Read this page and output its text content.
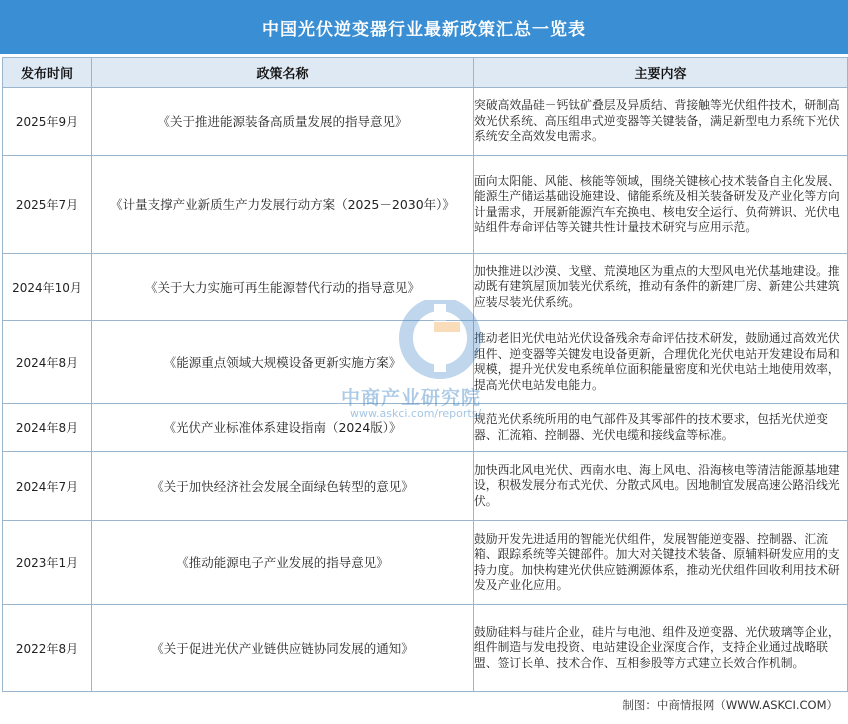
中国光伏逆变器行业最新政策汇总一览表
发布时间	政策名称	主要内容
2025年9月	《关于推进能源装备高质量发展的指导意见》	突破高效晶硅－钙钛矿叠层及异质结、背接触等光伏组件技术，研制高效光伏系统、高压组串式逆变器等关键装备，满足新型电力系统下光伏系统安全高效发电需求。
2025年7月	《计量支撑产业新质生产力发展行动方案（2025－2030年）》	面向太阳能、风能、核能等领域，围绕关键核心技术装备自主化发展、能源生产储运基础设施建设、储能系统及相关装备研发及产业化等方向计量需求，开展新能源汽车充换电、核电安全运行、负荷辨识、光伏电站组件寿命评估等关键共性计量技术研究与应用示范。
2024年10月	《关于大力实施可再生能源替代行动的指导意见》	加快推进以沙漠、戈壁、荒漠地区为重点的大型风电光伏基地建设。推动既有建筑屋顶加装光伏系统，推动有条件的新建厂房、新建公共建筑应装尽装光伏系统。
2024年8月	《能源重点领域大规模设备更新实施方案》	推动老旧光伏电站光伏设备残余寿命评估技术研发，鼓励通过高效光伏组件、逆变器等关键发电设备更新，合理优化光伏电站开发建设布局和规模，提升光伏发电系统单位面积能量密度和光伏电站土地使用效率，提高光伏电站发电能力。
2024年8月	《光伏产业标准体系建设指南（2024版）》	规范光伏系统所用的电气部件及其零部件的技术要求，包括光伏逆变器、汇流箱、控制器、光伏电缆和接线盒等标准。
2024年7月	《关于加快经济社会发展全面绿色转型的意见》	加快西北风电光伏、西南水电、海上风电、沿海核电等清洁能源基地建设，积极发展分布式光伏、分散式风电。因地制宜发展高速公路沿线光伏。
2023年1月	《推动能源电子产业发展的指导意见》	鼓励开发先进适用的智能光伏组件，发展智能逆变器、控制器、汇流箱、跟踪系统等关键部件。加大对关键技术装备、原辅料研发应用的支持力度。加快构建光伏供应链溯源体系，推动光伏组件回收利用技术研发及产业化应用。
2022年8月	《关于促进光伏产业链供应链协同发展的通知》	鼓励硅料与硅片企业，硅片与电池、组件及逆变器、光伏玻璃等企业，组件制造与发电投资、电站建设企业深度合作，支持企业通过战略联盟、签订长单、技术合作、互相参股等方式建立长效合作机制。
中商产业研究院
www.askci.com/reports/
制图：中商情报网（WWW.ASKCI.COM）
